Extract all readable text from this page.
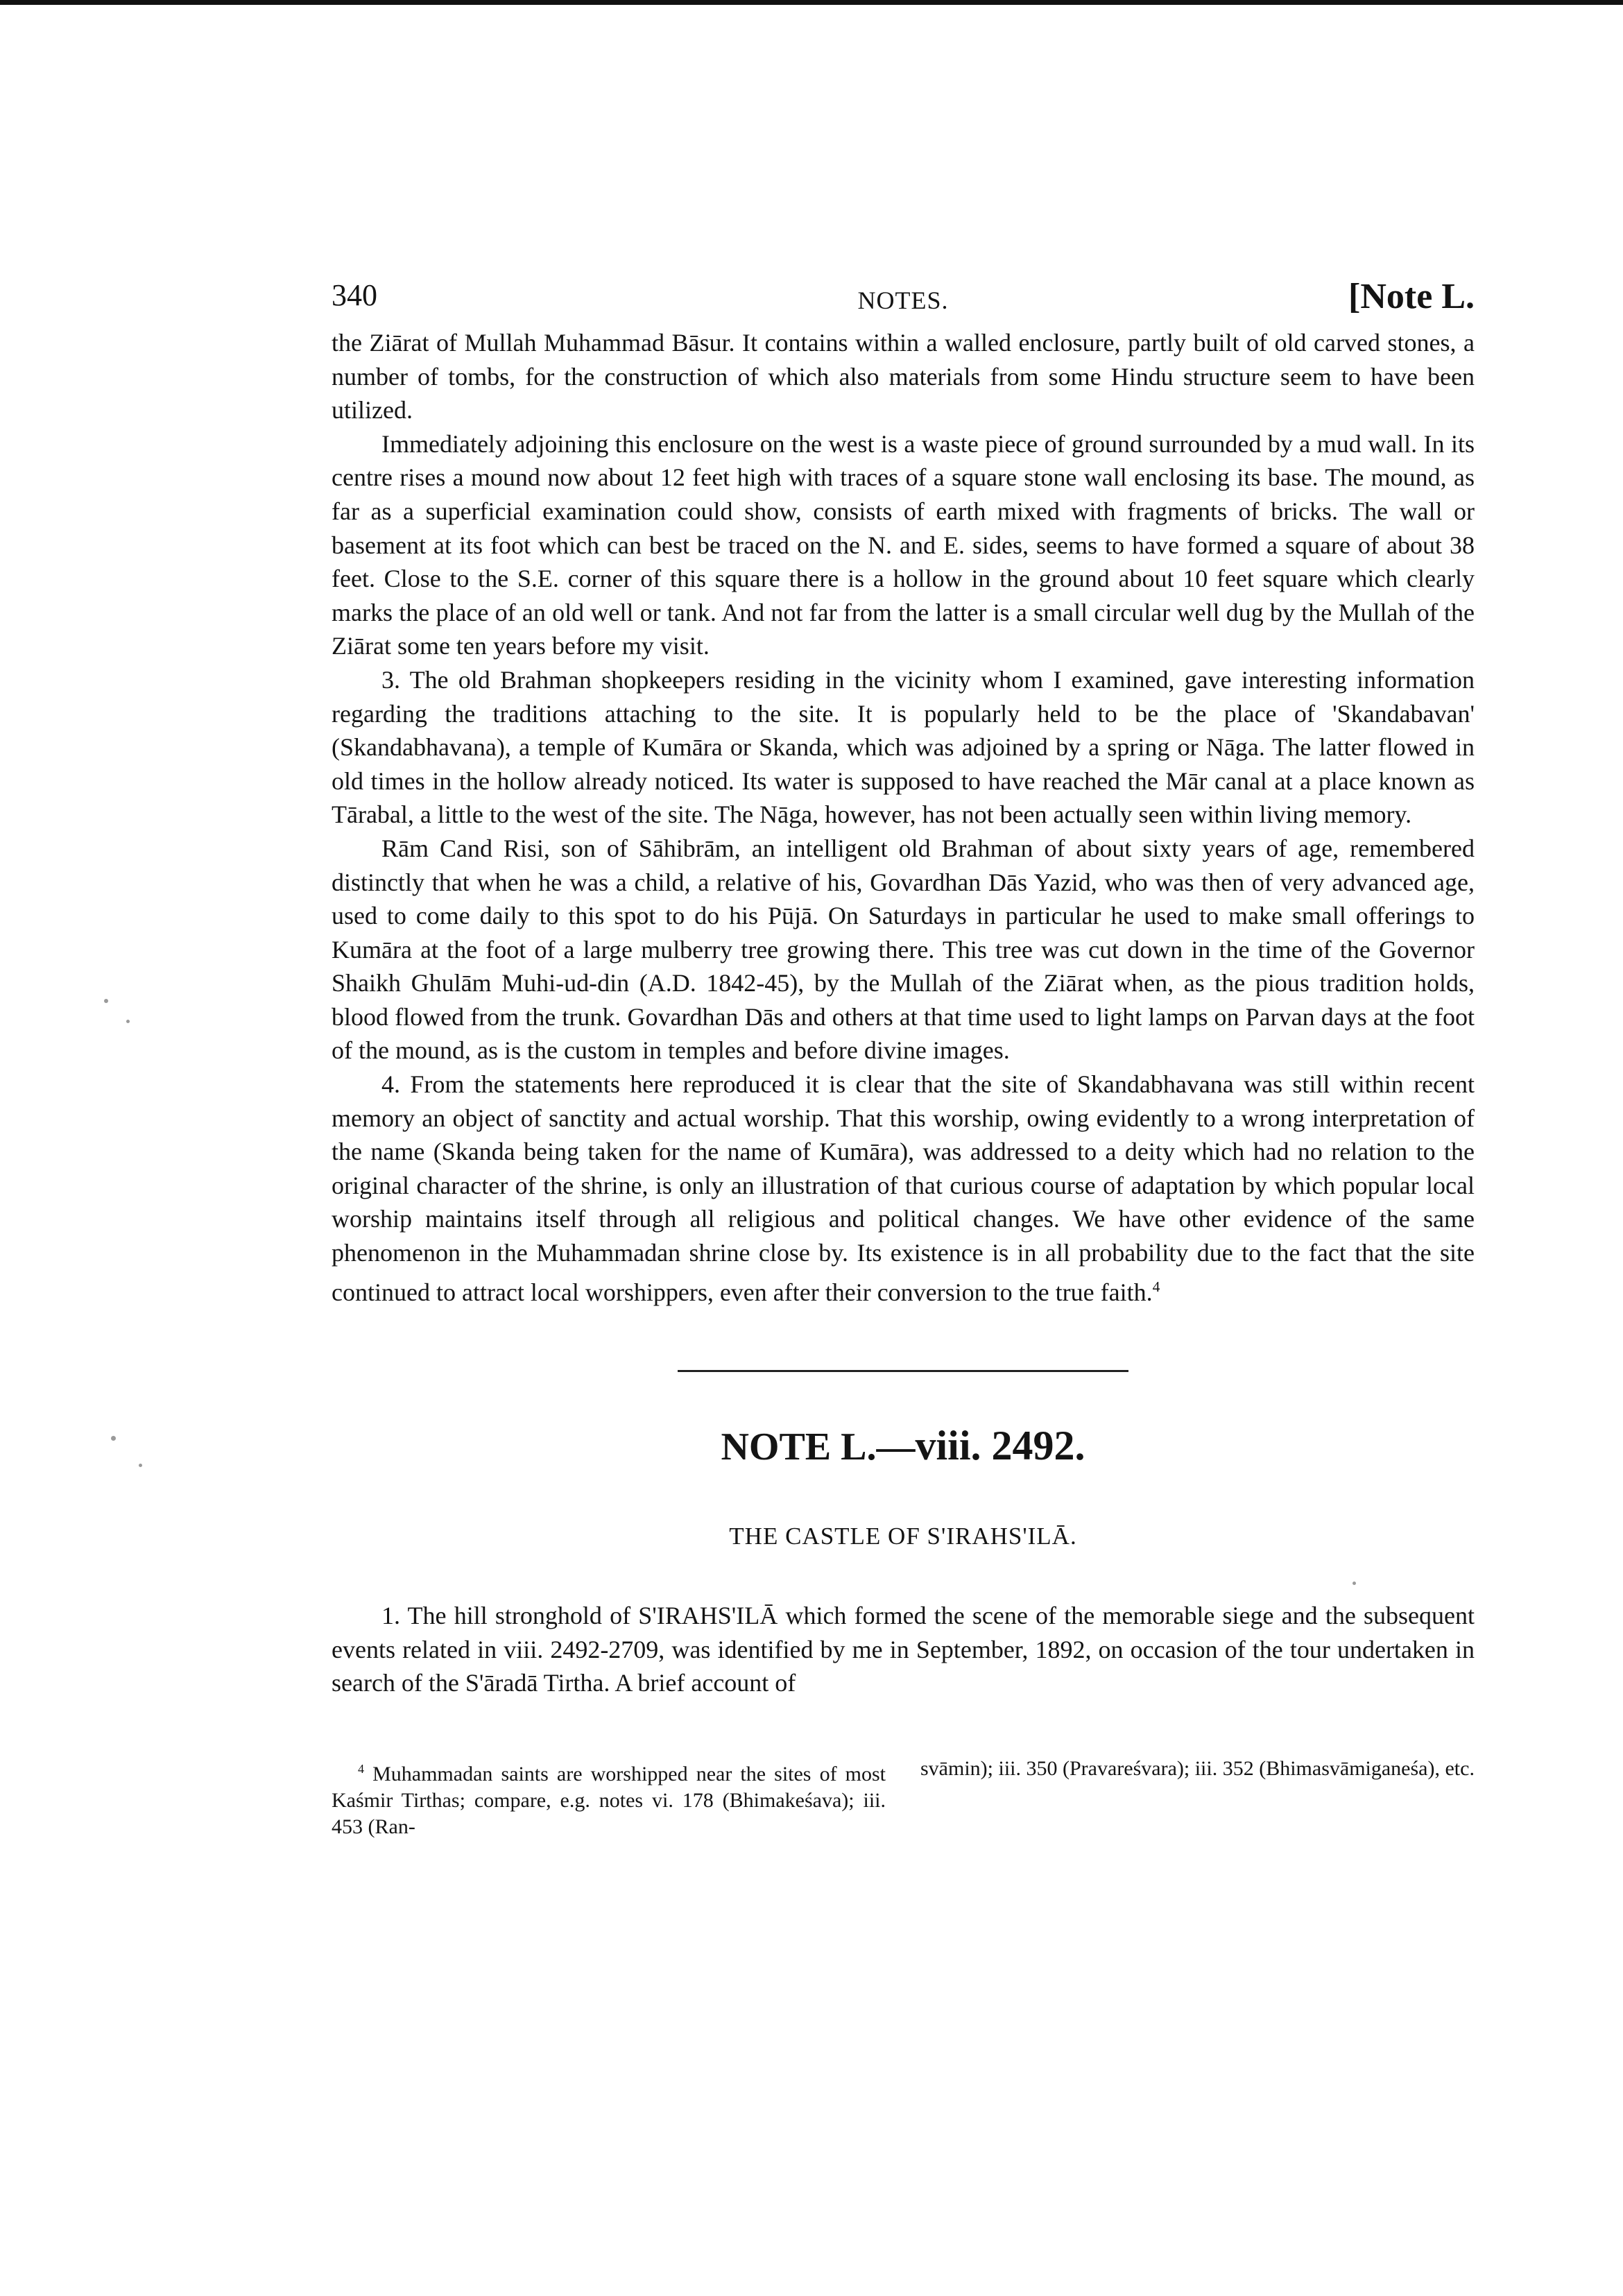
340	NOTES.	[Note L.

the Ziārat of Mullah Muhammad Bāsur. It contains within a walled enclosure, partly built of old carved stones, a number of tombs, for the construction of which also materials from some Hindu structure seem to have been utilized.

Immediately adjoining this enclosure on the west is a waste piece of ground surrounded by a mud wall. In its centre rises a mound now about 12 feet high with traces of a square stone wall enclosing its base. The mound, as far as a superficial examination could show, consists of earth mixed with fragments of bricks. The wall or basement at its foot which can best be traced on the N. and E. sides, seems to have formed a square of about 38 feet. Close to the S.E. corner of this square there is a hollow in the ground about 10 feet square which clearly marks the place of an old well or tank. And not far from the latter is a small circular well dug by the Mullah of the Ziārat some ten years before my visit.

3. The old Brahman shopkeepers residing in the vicinity whom I examined, gave interesting information regarding the traditions attaching to the site. It is popularly held to be the place of 'Skandabavan' (Skandabhavana), a temple of Kumāra or Skanda, which was adjoined by a spring or Nāga. The latter flowed in old times in the hollow already noticed. Its water is supposed to have reached the Mār canal at a place known as Tārabal, a little to the west of the site. The Nāga, however, has not been actually seen within living memory.

Rām Cand Risi, son of Sāhibrām, an intelligent old Brahman of about sixty years of age, remembered distinctly that when he was a child, a relative of his, Govardhan Dās Yazid, who was then of very advanced age, used to come daily to this spot to do his Pūjā. On Saturdays in particular he used to make small offerings to Kumāra at the foot of a large mulberry tree growing there. This tree was cut down in the time of the Governor Shaikh Ghulām Muhi-ud-din (A.D. 1842-45), by the Mullah of the Ziārat when, as the pious tradition holds, blood flowed from the trunk. Govardhan Dās and others at that time used to light lamps on Parvan days at the foot of the mound, as is the custom in temples and before divine images.

4. From the statements here reproduced it is clear that the site of Skandabhavana was still within recent memory an object of sanctity and actual worship. That this worship, owing evidently to a wrong interpretation of the name (Skanda being taken for the name of Kumāra), was addressed to a deity which had no relation to the original character of the shrine, is only an illustration of that curious course of adaptation by which popular local worship maintains itself through all religious and political changes. We have other evidence of the same phenomenon in the Muhammadan shrine close by. Its existence is in all probability due to the fact that the site continued to attract local worshippers, even after their conversion to the true faith.$^4$

NOTE L.—viii. 2492.
THE CASTLE OF S'IRAHS'ILĀ.

1. The hill stronghold of S'IRAHS'ILĀ which formed the scene of the memorable siege and the subsequent events related in viii. 2492-2709, was identified by me in September, 1892, on occasion of the tour undertaken in search of the S'āradā Tirtha. A brief account of

$^4$ Muhammadan saints are worshipped near the sites of most Kaśmir Tirthas; compare, e.g. notes vi. 178 (Bhimakeśava); iii. 453 (Ran-
svāmin); iii. 350 (Pravareśvara); iii. 352 (Bhimasvāmiganeśa), etc.
